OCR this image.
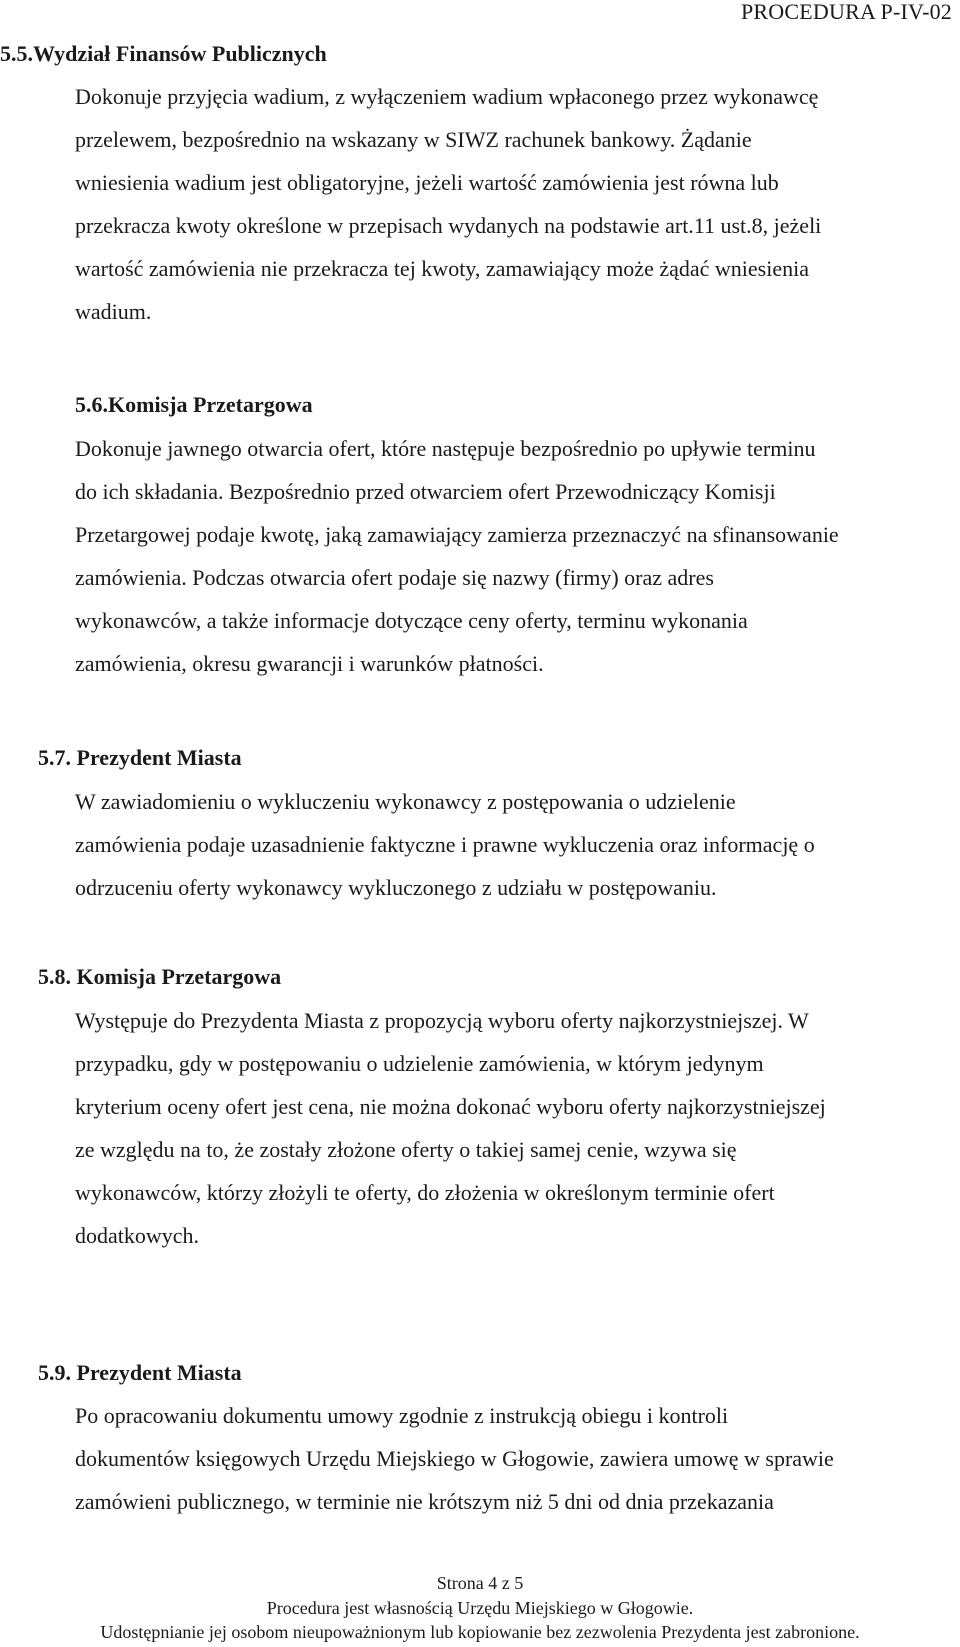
PROCEDURA P-IV-02
5.5.Wydział Finansów Publicznych
Dokonuje przyjęcia wadium, z wyłączeniem wadium wpłaconego przez wykonawcę
przelewem, bezpośrednio na wskazany w SIWZ rachunek bankowy. Żądanie
wniesienia wadium jest obligatoryjne, jeżeli wartość zamówienia jest równa lub
przekracza kwoty określone w przepisach wydanych na podstawie art.11 ust.8, jeżeli
wartość zamówienia nie przekracza tej kwoty, zamawiający może żądać wniesienia
wadium.
5.6.Komisja Przetargowa
Dokonuje jawnego otwarcia ofert, które następuje bezpośrednio po upływie terminu
do ich składania. Bezpośrednio przed otwarciem ofert Przewodniczący Komisji
Przetargowej podaje kwotę, jaką zamawiający zamierza przeznaczyć na sfinansowanie
zamówienia. Podczas otwarcia ofert podaje się nazwy (firmy) oraz adres
wykonawców, a także informacje dotyczące ceny oferty, terminu wykonania
zamówienia, okresu gwarancji i warunków płatności.
5.7. Prezydent Miasta
W zawiadomieniu o wykluczeniu wykonawcy z postępowania o udzielenie
zamówienia podaje uzasadnienie faktyczne i prawne wykluczenia oraz informację o
odrzuceniu oferty wykonawcy wykluczonego z udziału w postępowaniu.
5.8. Komisja Przetargowa
Występuje do Prezydenta Miasta z propozycją wyboru oferty najkorzystniejszej. W
przypadku, gdy w postępowaniu o udzielenie zamówienia, w którym jedynym
kryterium oceny ofert jest cena, nie można dokonać wyboru oferty najkorzystniejszej
ze względu na to, że zostały złożone oferty o takiej samej cenie, wzywa się
wykonawców, którzy złożyli te oferty, do złożenia w określonym terminie ofert
dodatkowych.
5.9. Prezydent Miasta
Po opracowaniu dokumentu umowy zgodnie z instrukcją obiegu i kontroli
dokumentów księgowych Urzędu Miejskiego w Głogowie, zawiera umowę w sprawie
zamówieni publicznego, w terminie nie krótszym niż 5 dni od dnia przekazania
Strona 4 z 5
Procedura jest własnością Urzędu Miejskiego w Głogowie.
Udostępnianie jej osobom nieupoważnionym lub kopiowanie bez zezwolenia Prezydenta jest zabronione.
